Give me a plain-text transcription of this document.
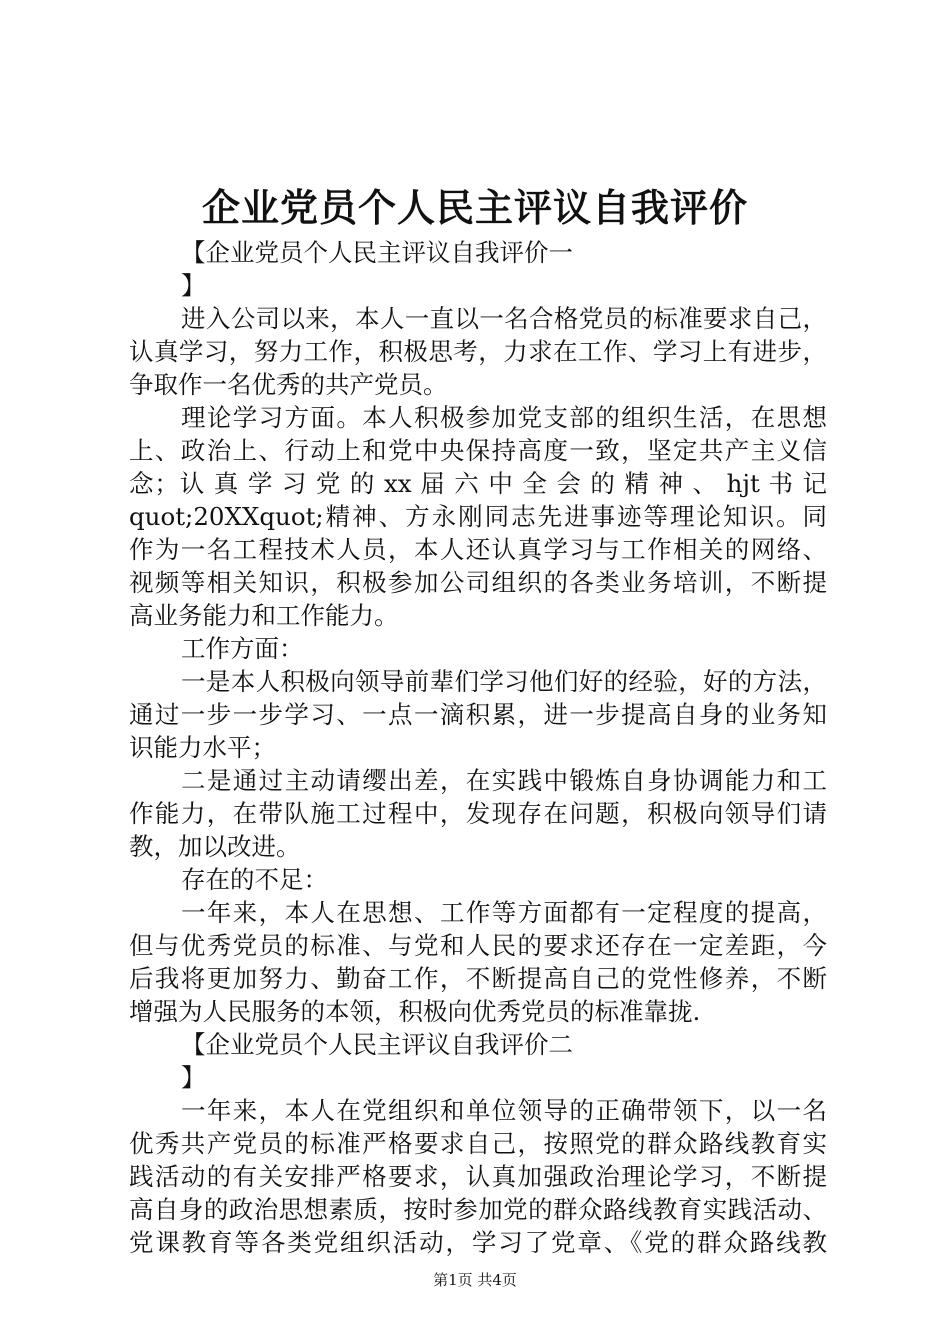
企业党员个人民主评议自我评价
【企业党员个人民主评议自我评价一
】
进入公司以来，本人一直以一名合格党员的标准要求自己，
认真学习，努力工作，积极思考，力求在工作、学习上有进步，
争取作一名优秀的共产党员。
理论学习方面。本人积极参加党支部的组织生活，在思想
上、政治上、行动上和党中央保持高度一致，坚定共产主义信
念；认 真 学 习 党 的 xx 届 六 中 全 会 的 精 神 、 hjt 书 记
quot;20XXquot;精神、方永刚同志先进事迹等理论知识。同
作为一名工程技术人员，本人还认真学习与工作相关的网络、
视频等相关知识，积极参加公司组织的各类业务培训，不断提
高业务能力和工作能力。
工作方面：
一是本人积极向领导前辈们学习他们好的经验，好的方法，
通过一步一步学习、一点一滴积累，进一步提高自身的业务知
识能力水平；
二是通过主动请缨出差，在实践中锻炼自身协调能力和工
作能力，在带队施工过程中，发现存在问题，积极向领导们请
教，加以改进。
存在的不足：
一年来，本人在思想、工作等方面都有一定程度的提高，
但与优秀党员的标准、与党和人民的要求还存在一定差距，今
后我将更加努力、勤奋工作，不断提高自己的党性修养，不断
增强为人民服务的本领，积极向优秀党员的标准靠拢.
【企业党员个人民主评议自我评价二
】
一年来，本人在党组织和单位领导的正确带领下，以一名
优秀共产党员的标准严格要求自己，按照党的群众路线教育实
践活动的有关安排严格要求，认真加强政治理论学习，不断提
高自身的政治思想素质，按时参加党的群众路线教育实践活动、
党课教育等各类党组织活动，学习了党章、《党的群众路线教
第1页 共4页
